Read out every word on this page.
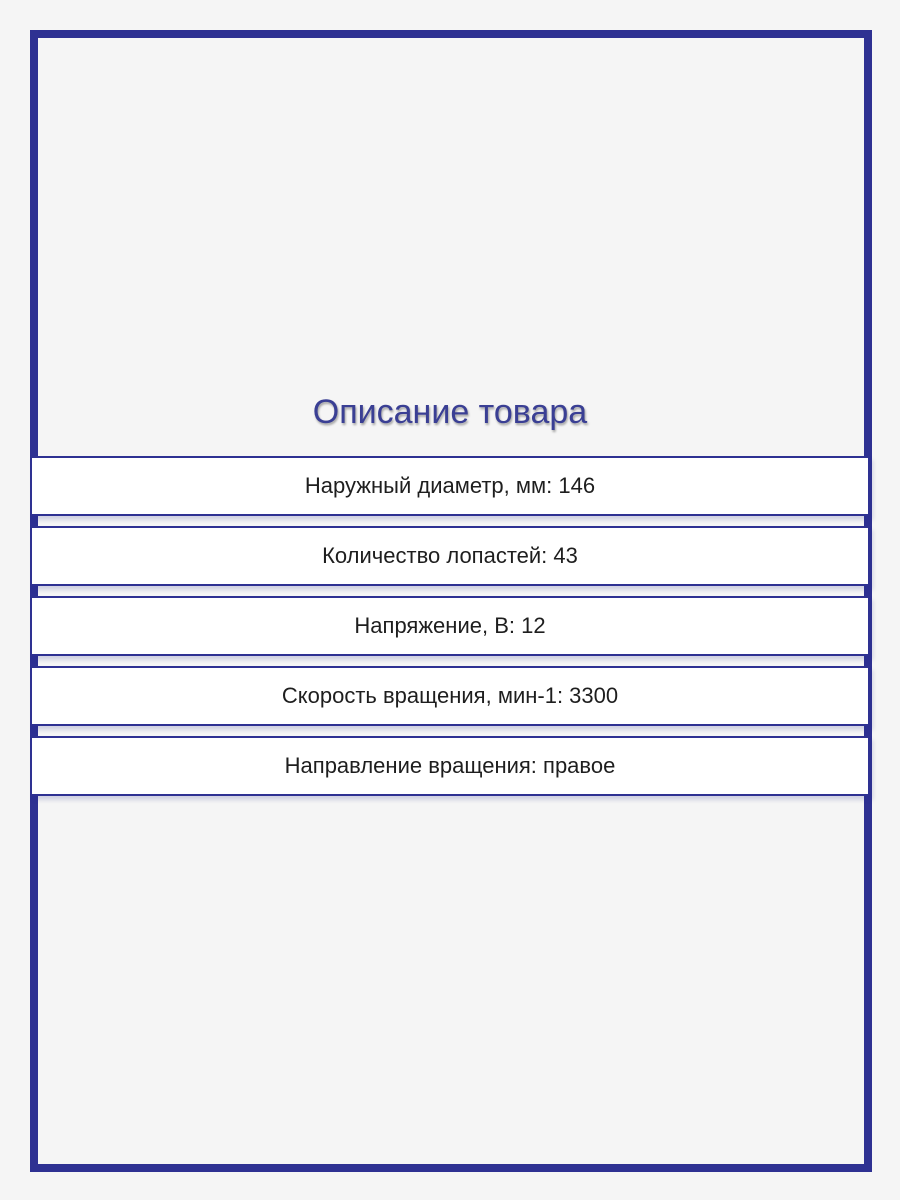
Описание товара
Наружный диаметр, мм: 146
Количество лопастей: 43
Напряжение, В: 12
Скорость вращения, мин-1: 3300
Направление вращения: правое
